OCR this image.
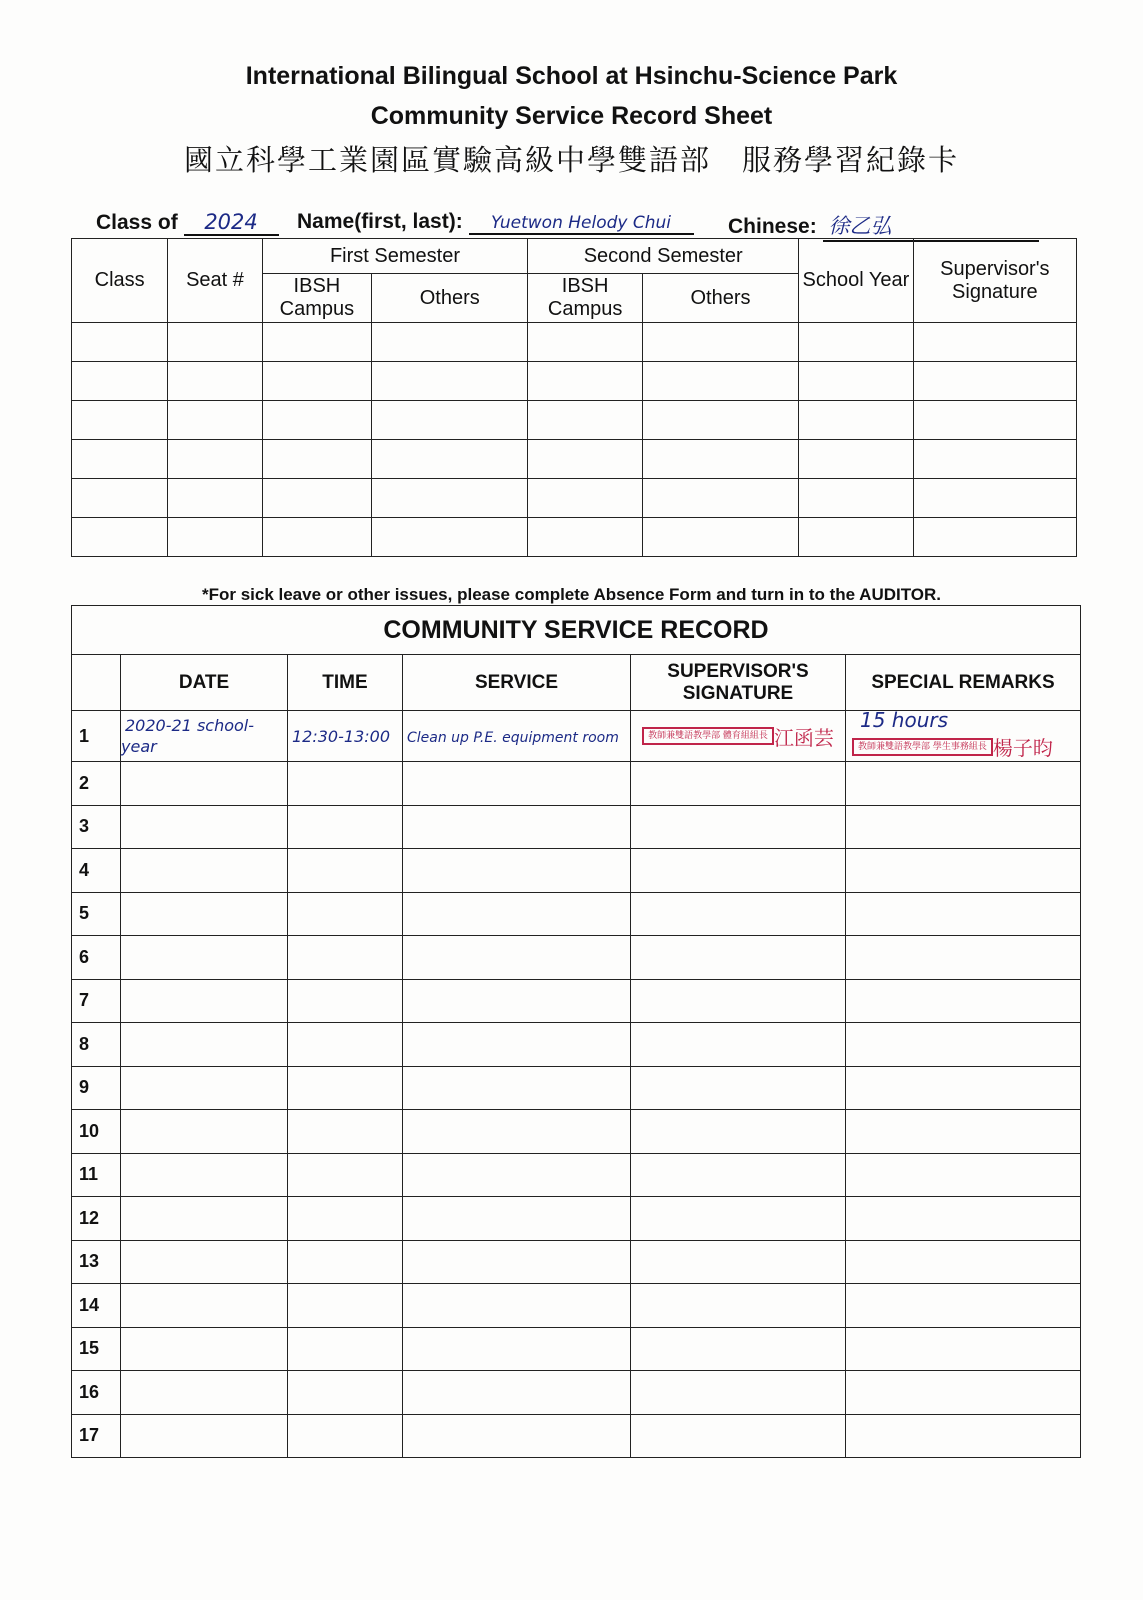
International Bilingual School at Hsinchu-Science Park
Community Service Record Sheet
國立科學工業園區實驗高級中學雙語部　服務學習紀錄卡
Class of 2024	Name(first, last): Yuetwon Helody Chui	Chinese: 徐乙弘
Class	Seat #	First Semester		Second Semester		School Year	Supervisor's Signature
		IBSH Campus	Others	IBSH Campus	Others		

*For sick leave or other issues, please complete Absence Form and turn in to the AUDITOR.
COMMUNITY SERVICE RECORD					
	DATE	TIME	SERVICE	SUPERVISOR'S SIGNATURE	SPECIAL REMARKS
1	2020-21 school-year	12:30-13:00	Clean up P.E. equipment room	教師兼雙語教學部 體育組組長 江函芸	15 hours教師兼雙語教學部 學生事務組長 楊子昀
2					
3					
4					
5					
6					
7					
8					
9					
10					
11					
12					
13					
14					
15					
16					
17					
